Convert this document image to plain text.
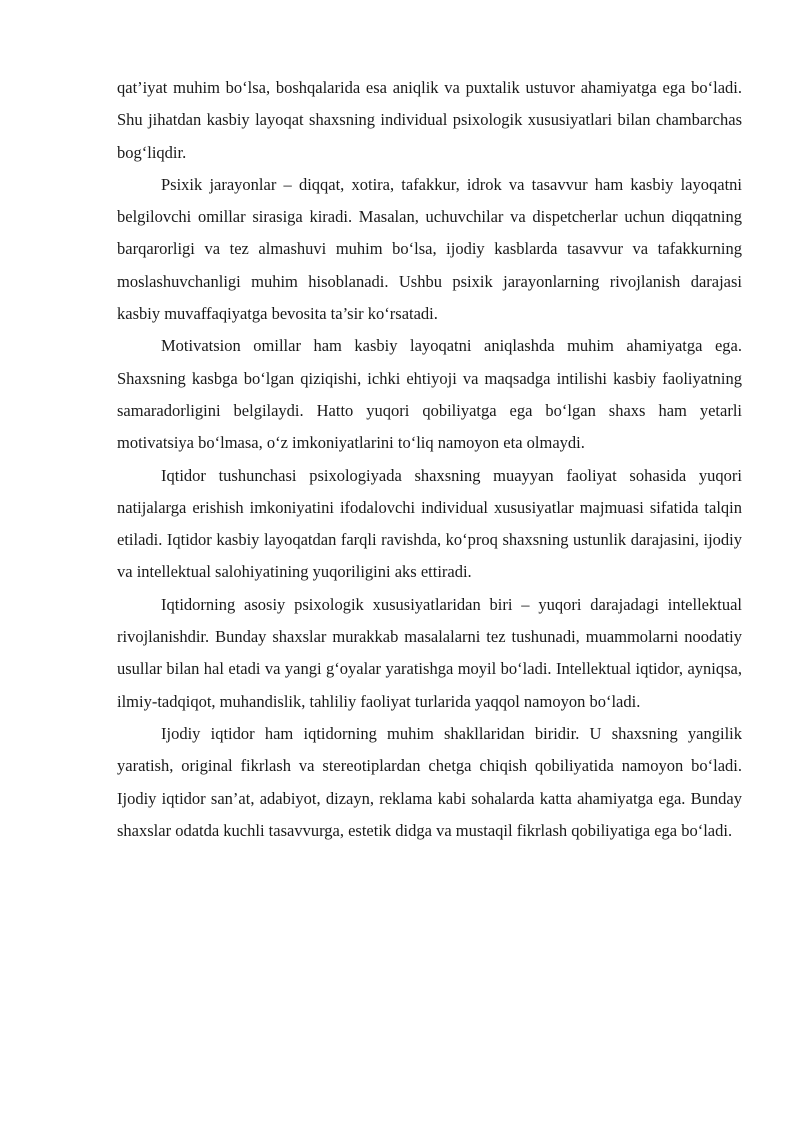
qat’iyat muhim bo‘lsa, boshqalarida esa aniqlik va puxtalik ustuvor ahamiyatga ega bo‘ladi. Shu jihatdan kasbiy layoqat shaxsning individual psixologik xususiyatlari bilan chambarchas bog‘liqdir.

Psixik jarayonlar – diqqat, xotira, tafakkur, idrok va tasavvur ham kasbiy layoqatni belgilovchi omillar sirasiga kiradi. Masalan, uchuvchilar va dispetcherlar uchun diqqatning barqarorligi va tez almashuvi muhim bo‘lsa, ijodiy kasblarda tasavvur va tafakkurning moslashuvchanligi muhim hisoblanadi. Ushbu psixik jarayonlarning rivojlanish darajasi kasbiy muvaffaqiyatga bevosita ta’sir ko‘rsatadi.

Motivatsion omillar ham kasbiy layoqatni aniqlashda muhim ahamiyatga ega. Shaxsning kasbga bo‘lgan qiziqishi, ichki ehtiyoji va maqsadga intilishi kasbiy faoliyatning samaradorligini belgilaydi. Hatto yuqori qobiliyatga ega bo‘lgan shaxs ham yetarli motivatsiya bo‘lmasa, o‘z imkoniyatlarini to‘liq namoyon eta olmaydi.

Iqtidor tushunchasi psixologiyada shaxsning muayyan faoliyat sohasida yuqori natijalarga erishish imkoniyatini ifodalovchi individual xususiyatlar majmuasi sifatida talqin etiladi. Iqtidor kasbiy layoqatdan farqli ravishda, ko‘proq shaxsning ustunlik darajasini, ijodiy va intellektual salohiyatining yuqoriligini aks ettiradi.

Iqtidorning asosiy psixologik xususiyatlaridan biri – yuqori darajadagi intellektual rivojlanishdir. Bunday shaxslar murakkab masalalarni tez tushunadi, muammolarni noodatiy usullar bilan hal etadi va yangi g‘oyalar yaratishga moyil bo‘ladi. Intellektual iqtidor, ayniqsa, ilmiy-tadqiqot, muhandislik, tahliliy faoliyat turlarida yaqqol namoyon bo‘ladi.

Ijodiy iqtidor ham iqtidorning muhim shakllaridan biridir. U shaxsning yangilik yaratish, original fikrlash va stereotiplardan chetga chiqish qobiliyatida namoyon bo‘ladi. Ijodiy iqtidor san’at, adabiyot, dizayn, reklama kabi sohalarda katta ahamiyatga ega. Bunday shaxslar odatda kuchli tasavvurga, estetik didga va mustaqil fikrlash qobiliyatiga ega bo‘ladi.
